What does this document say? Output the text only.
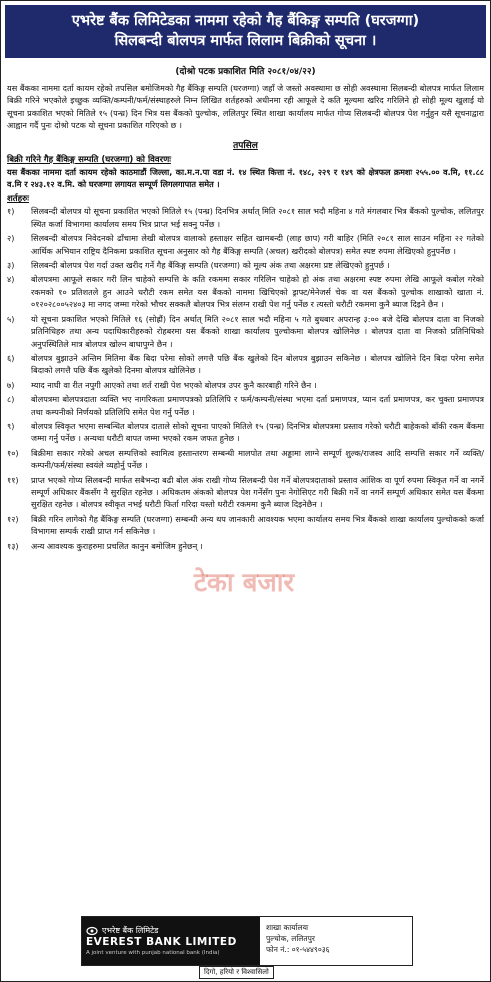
एभरेष्ट बैंक लिमिटेडका नाममा रहेको गैह बैंकिङ्ग सम्पति (घरजग्गा)
सिलबन्दी बोलपत्र मार्फत लिलाम बिक्रीको सूचना ।
(दोश्रो पटक प्रकाशित मिति २०८१/०४/२२)
यस बैंकका नाममा दर्ता कायम रहेको तपसिल बमोजिमको गैह बैंकिङ्ग सम्पति (घरजग्गा) जहाँ जे जस्तो अवस्थामा छ सोही अवस्थामा सिलबन्दी बोलपत्र मार्फत लिलाम बिक्री गरिने भएकोले इच्छुक व्यक्ति/कम्पनी/फर्म/संस्थाहरुले निम्न लिखित शर्तहरुको अधीनमा रही आफूले दे कति मूल्यमा खरिद गरिलिने हो सोही मूल्य खुलाई यो सूचना प्रकाशित भएको मितिले १५ (पन्ध्र) दिन भित्र यस बैंकको पुल्चोक, ललितपुर स्थित शाखा कार्यालय मार्फत गोप्य सिलबन्दी बोलपत्र पेश गर्नुहुन यसै सूचनाद्वारा आह्वान गर्दै पुनः दोश्रो पटक यो सूचना प्रकाशित गरिएको छ ।
तपसिल
बिक्री गरिने गैह बैंकिङ्ग सम्पति (घरजग्गा) को विवरणः
यस बैंकका नाममा दर्ता कायम रहेको काठमाडौं जिल्ला, का.म.न.पा वडा नं. १४ स्थित कित्ता नं. १४८, २२९ र १४९ को क्षेत्रफल क्रमशः २५५.०० व.मि, ११.८८ व.मि र २४३.१२ व.मि. को घरजग्गा लगायत सम्पूर्ण लिगलगापात समेत ।
शर्तहरुः
१)	सिलबन्दी बोलपत्र यो सूचना प्रकाशित भएको मितिले १५ (पन्ध्र) दिनभित्र अर्थात् मिति २०८१ साल भदौ महिना ४ गते मंगलबार भित्र बैंकको पुल्चोक, ललितपुर स्थित कर्जा विभागमा कार्यालय समय भित्र प्राप्त भई सक्नु पर्नेछ ।
२)	सिलबन्दी बोलपत्र निवेदनको ढाँचामा लेखी बोलपत्र वालाको हस्ताक्षर सहित खामबन्दी (लाह छाप) गरी बाहिर (मिति २०८१ साल साउन महिना २२ गतेको आर्थिक अभियान राष्ट्रिय दैनिकमा प्रकाशित सूचना अनुसार को गैह बैंकिङ्ग सम्पति (अचल) खरीदको बोलपत्र) समेत स्पष्ट रुपमा लेखिएको हुनुपर्नेछ ।
३)	सिलबन्दी बोलपत्र पेश गर्दा उक्त खरीद गर्ने गैह बैंकिङ्ग सम्पति (घरजग्गा) को मूल्य अंक तथा अक्षरमा प्रष्ट लेखिएको हुनुपर्छ ।
४)	बोलपत्रमा आफूले सकार गरी लिन चाहेको सम्पत्ति के कति रकममा सकार गरिलिन चाहेको हो अंक तथा अक्षरमा स्पष्ट रुपमा लेखि आफूले कबोल गरेको रकमको १० प्रतिशतले हुन आउने धरौटी रकम समेत यस बैंकको नाममा खिचिएको ड्राफ्ट/मेनेजर्स चेक वा यस बैंकको पुल्चोक शाखाको खाता नं. ०१२०२८००५२४०३ मा नगद जम्मा गरेको भौचर सक्कलै बोलपत्र भित्र संलग्न राखी पेश गर्नु पर्नेछ र त्यस्तो धरौटी रकममा कुनै ब्याज दिइने छैन ।
५)	यो सूचना प्रकाशित भएको मितिले १६ (सोह्रौं) दिन अर्थात् मिति २०८१ साल भदौ महिना ५ गते बुधबार अपरान्ह ३:०० बजे देखि बोलपत्र दाता वा निजको प्रतिनिधिहरु तथा अन्य पदाधिकारीहरुको रोहबरमा यस बैंकको शाखा कार्यालय पुल्चोकमा बोलपत्र खोलिनेछ । बोलपत्र दाता वा निजको प्रतिनिधिको अनुपस्थितिले मात्र बोलपत्र खोल्न बाधापुग्ने छैन ।
६)	बोलपत्र बुझाउने अन्तिम मितिमा बैंक बिदा परेमा सोको लगत्तै पछि बैंक खुलेको दिन बोलपत्र बुझाउन सकिनेछ । बोलपत्र खोलिने दिन बिदा परेमा समेत बिदाको लगत्तै पछि बैंक खुलेको दिनमा बोलपत्र खोलिनेछ ।
७)	म्याद नाघी वा रीत नपुगी आएको तथा शर्त राखी पेश भएको बोलपत्र उपर कुनै कारबाही गरिने छैन ।
८)	बोलपत्रमा बोलपत्रदाता व्यक्ति भए नागरिकता प्रमाणपत्रको प्रतिलिपि र फर्म/कम्पनी/संस्था भएमा दर्ता प्रमाणपत्र, प्यान दर्ता प्रमाणपत्र, कर चुक्ता प्रमाणपत्र तथा कम्पनीको निर्णयको प्रतिलिपि समेत पेश गर्नु पर्नेछ ।
९)	बोलपत्र स्विकृत भएमा सम्बन्धित बोलपत्र दाताले सोको सूचना पाएको मितिले १५ (पन्ध्र) दिनभित्र बोलपत्रमा प्रस्ताव गरेको धरौटी बाहेकको बाँकी रकम बैंकमा जम्मा गर्नु पर्नेछ । अन्यथा धरौटी बापत जम्मा भएको रकम जफत हुनेछ ।
१०)	बिक्रीमा सकार गरेको अचल सम्पत्तिको स्वामित्व हस्तान्तरण सम्बन्धी मालपोत तथा अड्डामा लाग्ने सम्पूर्ण शुल्क/राजस्व आदि सम्पत्ति सकार गर्ने व्यक्ति/कम्पनी/फर्म/संस्था स्वयंले व्यहोर्नु पर्नेछ ।
११)	प्राप्त भएको गोप्य सिलबन्दी मार्फत सबैभन्दा बढी बोल अंक राखी गोप्य सिलबन्दी पेश गर्ने बोलपत्रदाताको प्रस्ताव आंशिक वा पूर्ण रुपमा स्विकृत गर्ने वा नगर्ने सम्पूर्ण अधिकार बैंकसँग नै सुरक्षित रहनेछ । अधिकतम अंकको बोलपत्र पेश गर्नेसँग पुनः नेगोसिएट गरी बिक्री गर्ने वा नगर्ने सम्पूर्ण अधिकार समेत यस बैंकमा सुरक्षित रहनेछ । बोलपत्र स्वीकृत नभई धरौटी फिर्ता गरिदा यस्तो धरौटी रकममा कुनै ब्याज दिइनेछैन ।
१२)	बिक्री गरिन लागेको गैह बैंकिङ्ग सम्पति (घरजग्गा) सम्बन्धी अन्य थप जानकारी आवश्यक भएमा कार्यालय समय भित्र बैंकको शाखा कार्यालय पुल्चोकको कर्जा विभागमा सम्पर्क राखी प्राप्त गर्न सकिनेछ ।
१३)	अन्य आवश्यक कुराहरुमा प्रचलित कानुन बमोजिम हुनेछन् ।
टेका बजार
एभरेष्ट बैंक लिमिटेड
EVEREST BANK LIMITED
A joint venture with punjab national bank (India)
शाखा कार्यालयः
पुल्चोक, ललितपुर
फोन नं.: ०१-५४४९०३६
दिगो, हरियो र विश्वासिलो
